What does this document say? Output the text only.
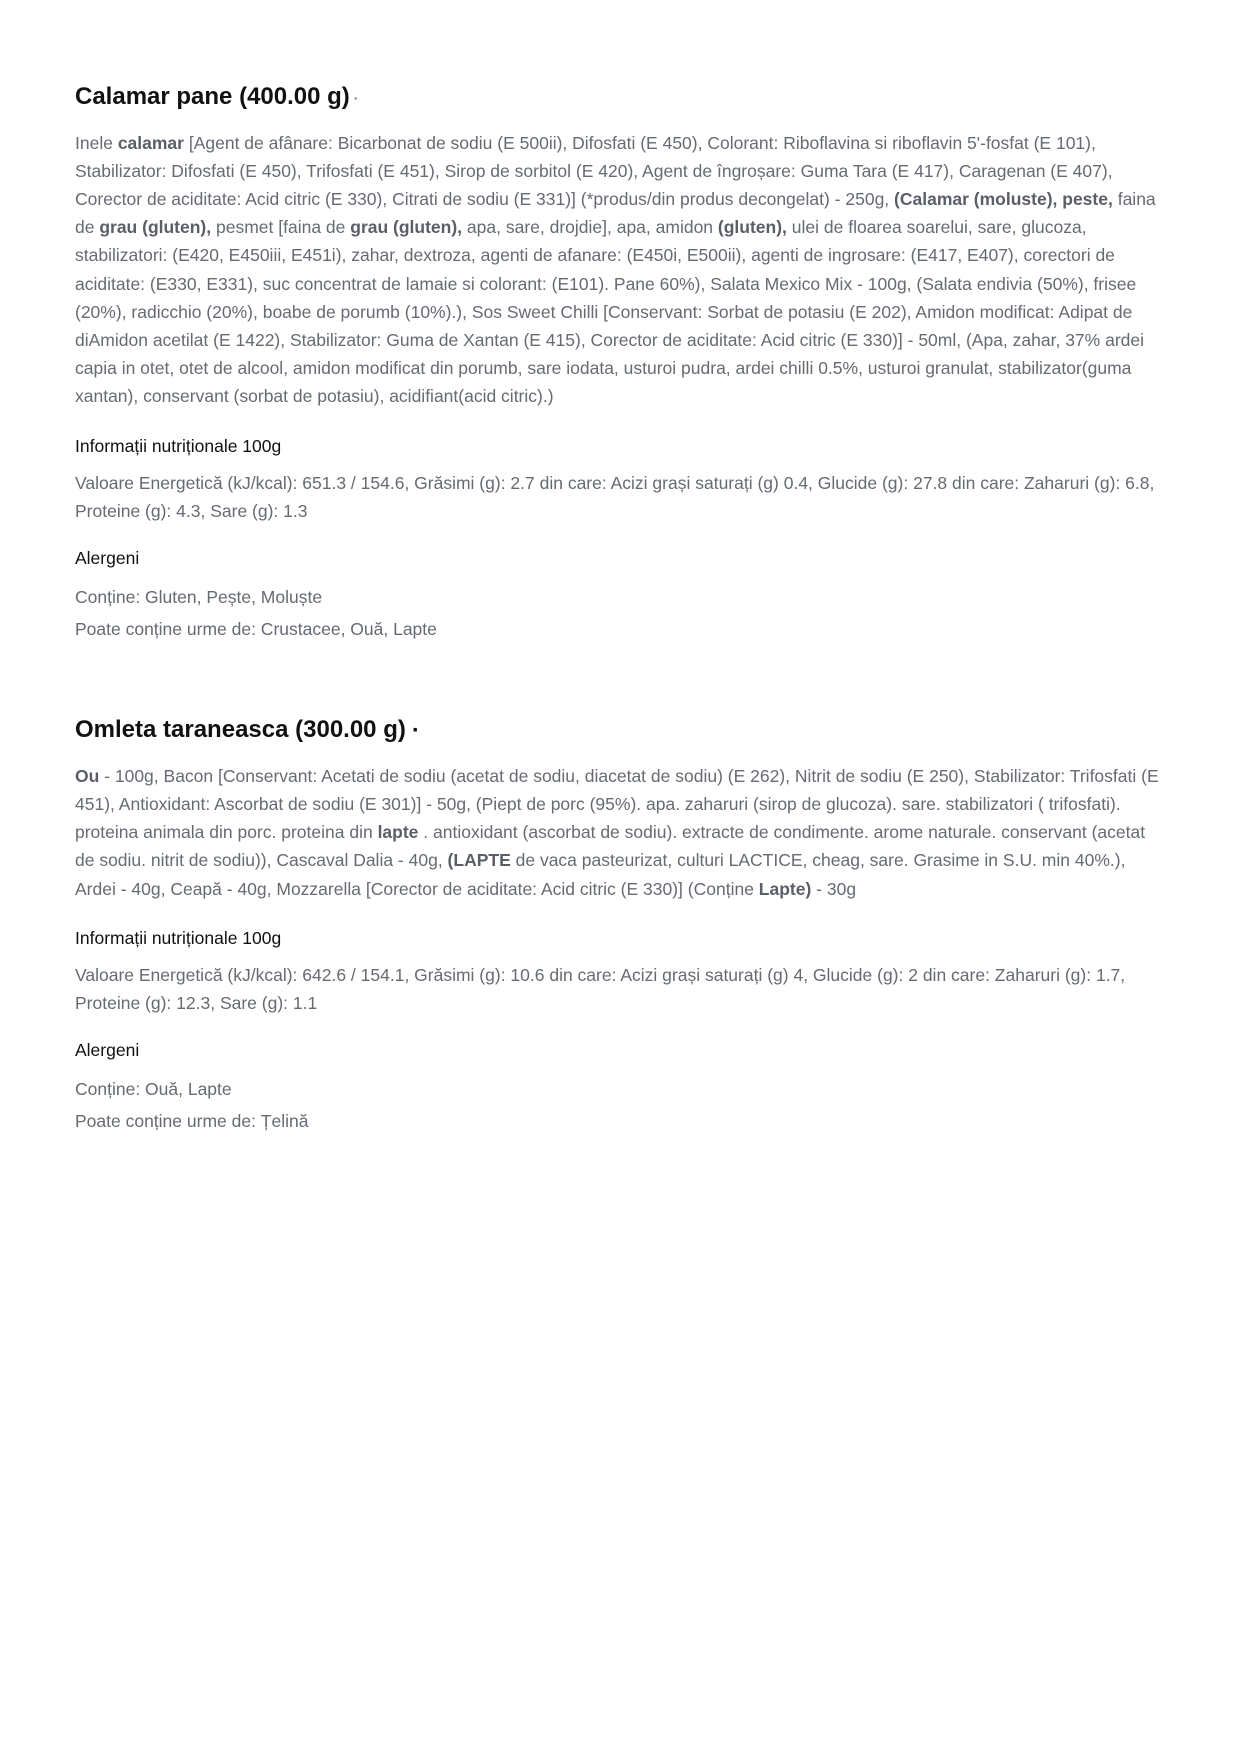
Calamar pane (400.00 g) ·

Inele calamar [Agent de afânare: Bicarbonat de sodiu (E 500ii), Difosfati (E 450), Colorant: Riboflavina si riboflavin 5'-fosfat (E 101), Stabilizator: Difosfati (E 450), Trifosfati (E 451), Sirop de sorbitol (E 420), Agent de îngroșare: Guma Tara (E 417), Caragenan (E 407), Corector de aciditate: Acid citric (E 330), Citrati de sodiu (E 331)] (*produs/din produs decongelat) - 250g, (Calamar (moluste), peste, faina de grau (gluten), pesmet [faina de grau (gluten), apa, sare, drojdie], apa, amidon (gluten), ulei de floarea soarelui, sare, glucoza, stabilizatori: (E420, E450iii, E451i), zahar, dextroza, agenti de afanare: (E450i, E500ii), agenti de ingrosare: (E417, E407), corectori de aciditate: (E330, E331), suc concentrat de lamaie si colorant: (E101). Pane 60%), Salata Mexico Mix - 100g, (Salata endivia (50%), frisee (20%), radicchio (20%), boabe de porumb (10%).), Sos Sweet Chilli [Conservant: Sorbat de potasiu (E 202), Amidon modificat: Adipat de diAmidon acetilat (E 1422), Stabilizator: Guma de Xantan (E 415), Corector de aciditate: Acid citric (E 330)] - 50ml, (Apa, zahar, 37% ardei capia in otet, otet de alcool, amidon modificat din porumb, sare iodata, usturoi pudra, ardei chilli 0.5%, usturoi granulat, stabilizator(guma xantan), conservant (sorbat de potasiu), acidifiant(acid citric).)

Informații nutriționale 100g

Valoare Energetică (kJ/kcal): 651.3 / 154.6, Grăsimi (g): 2.7 din care: Acizi grași saturați (g) 0.4, Glucide (g): 27.8 din care: Zaharuri (g): 6.8, Proteine (g): 4.3, Sare (g): 1.3

Alergeni

Conține: Gluten, Pește, Moluște

Poate conține urme de: Crustacee, Ouă, Lapte

Omleta taraneasca (300.00 g) ·

Ou - 100g, Bacon [Conservant: Acetati de sodiu (acetat de sodiu, diacetat de sodiu) (E 262), Nitrit de sodiu (E 250), Stabilizator: Trifosfati (E 451), Antioxidant: Ascorbat de sodiu (E 301)] - 50g, (Piept de porc (95%). apa. zaharuri (sirop de glucoza). sare. stabilizatori ( trifosfati). proteina animala din porc. proteina din lapte . antioxidant (ascorbat de sodiu). extracte de condimente. arome naturale. conservant (acetat de sodiu. nitrit de sodiu)), Cascaval Dalia - 40g, (LAPTE de vaca pasteurizat, culturi LACTICE, cheag, sare. Grasime in S.U. min 40%.), Ardei - 40g, Ceapă - 40g, Mozzarella [Corector de aciditate: Acid citric (E 330)] (Conține Lapte) - 30g

Informații nutriționale 100g

Valoare Energetică (kJ/kcal): 642.6 / 154.1, Grăsimi (g): 10.6 din care: Acizi grași saturați (g) 4, Glucide (g): 2 din care: Zaharuri (g): 1.7, Proteine (g): 12.3, Sare (g): 1.1

Alergeni

Conține: Ouă, Lapte

Poate conține urme de: Țelină
